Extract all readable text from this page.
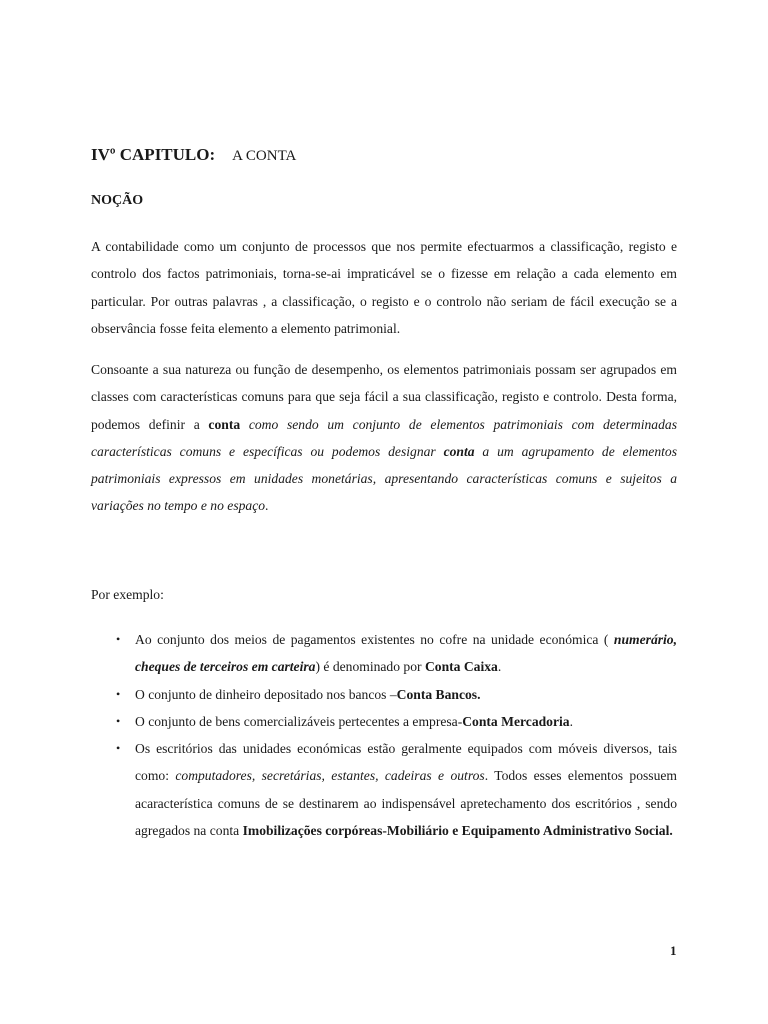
IVº CAPITULO: A CONTA
NOÇÃO

A contabilidade como um conjunto de processos que nos permite efectuarmos a classificação, registo e controlo dos factos patrimoniais, torna-se-ai impraticável se o fizesse em relação a cada elemento em particular. Por outras palavras , a classificação, o registo e o controlo não seriam de fácil execução se a observância fosse feita elemento a elemento patrimonial.

Consoante a sua natureza ou função de desempenho, os elementos patrimoniais possam ser agrupados em classes com características comuns para que seja fácil a sua classificação, registo e controlo. Desta forma, podemos definir a conta como sendo um conjunto de elementos patrimoniais com determinadas características comuns e específicas ou podemos designar conta a um agrupamento de elementos patrimoniais expressos em unidades monetárias, apresentando características comuns e sujeitos a variações no tempo e no espaço.

Por exemplo:
• Ao conjunto dos meios de pagamentos existentes no cofre na unidade económica ( numerário, cheques de terceiros em carteira) é denominado por Conta Caixa.
• O conjunto de dinheiro depositado nos bancos –Conta Bancos.
• O conjunto de bens comercializáveis pertecentes a empresa-Conta Mercadoria.
• Os escritórios das unidades económicas estão geralmente equipados com móveis diversos, tais como: computadores, secretárias, estantes, cadeiras e outros. Todos esses elementos possuem acaracterística comuns de se destinarem ao indispensável apretechamento dos escritórios , sendo agregados na conta Imobilizações corpóreas-Mobiliário e Equipamento Administrativo Social.
1
